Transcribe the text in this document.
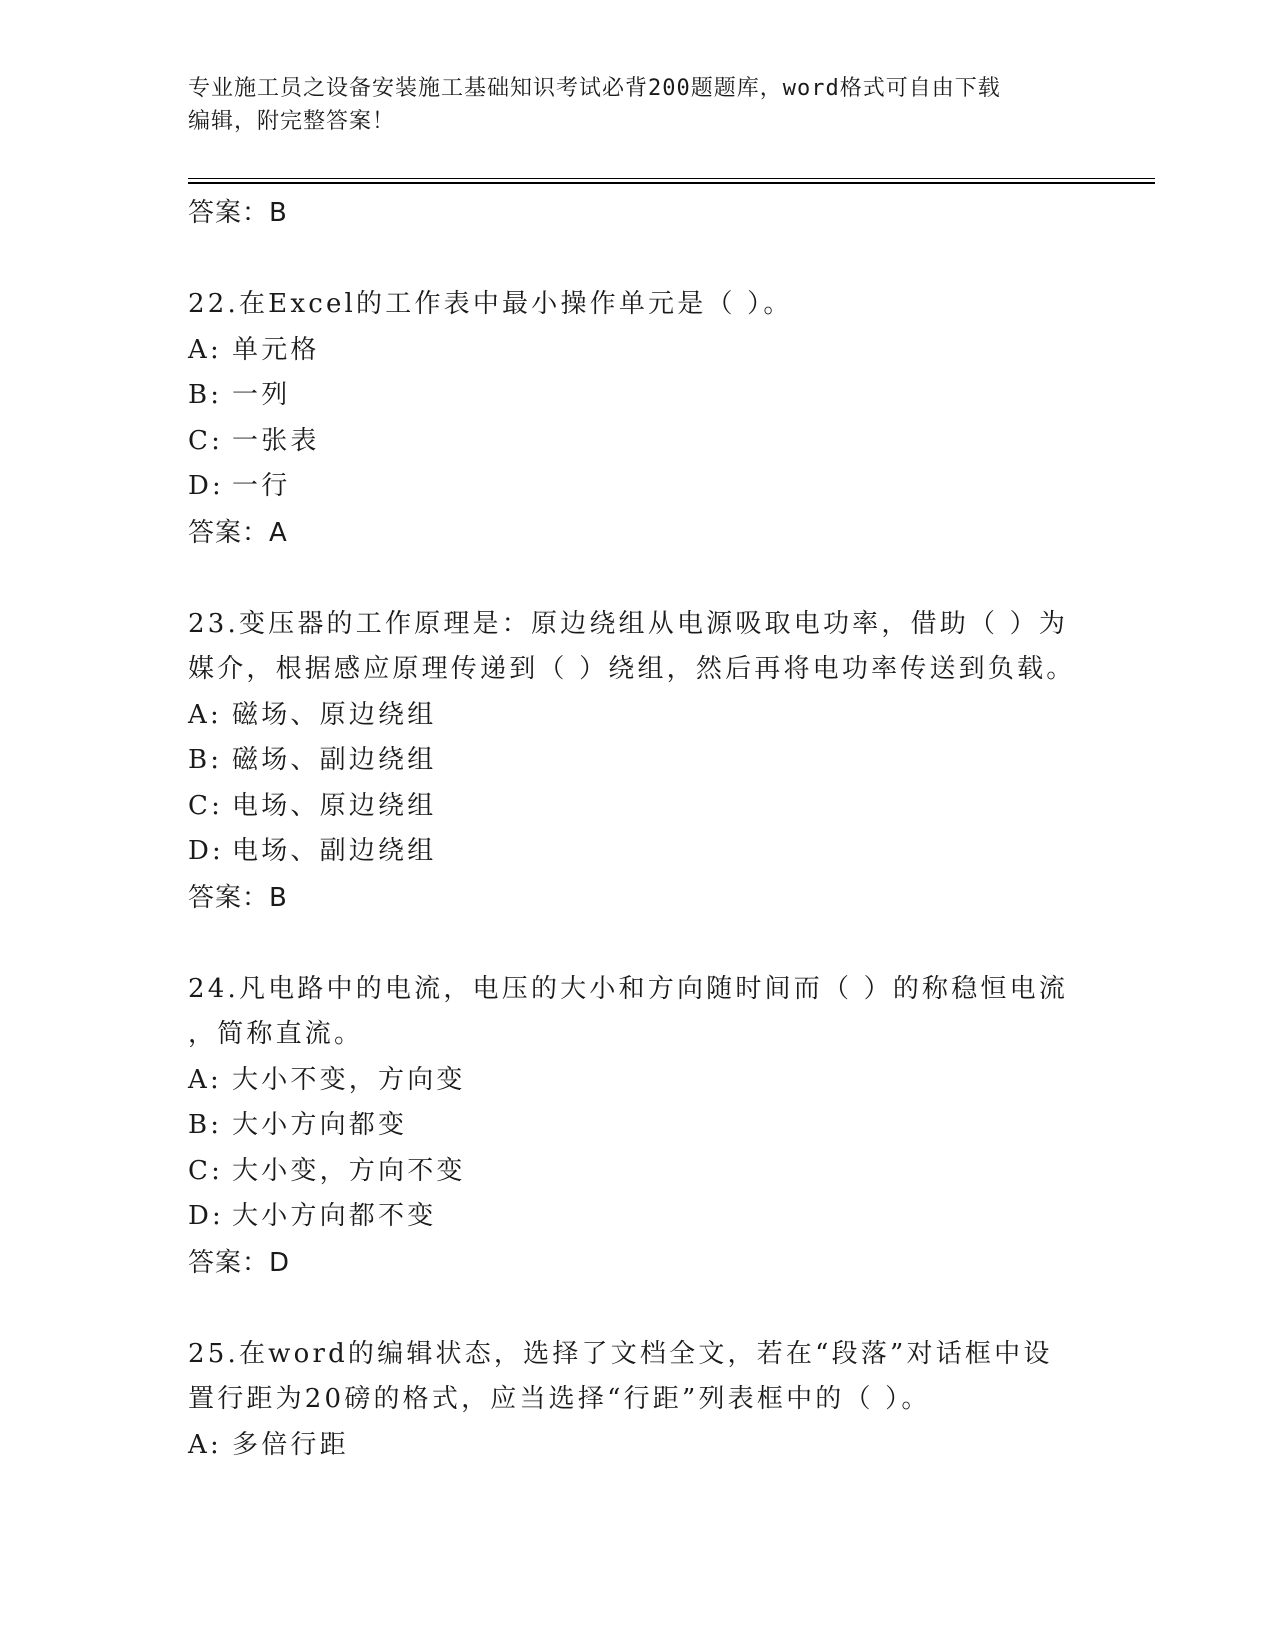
专业施工员之设备安装施工基础知识考试必背200题题库，word格式可自由下载
编辑，附完整答案！
答案：B
22.在Excel的工作表中最小操作单元是（ ）。
A: 单元格
B: 一列
C: 一张表
D: 一行
答案：A
23.变压器的工作原理是：原边绕组从电源吸取电功率，借助（ ）为
媒介，根据感应原理传递到（ ）绕组，然后再将电功率传送到负载。
A: 磁场、原边绕组
B: 磁场、副边绕组
C: 电场、原边绕组
D: 电场、副边绕组
答案：B
24.凡电路中的电流，电压的大小和方向随时间而（ ）的称稳恒电流
，简称直流。
A: 大小不变，方向变
B: 大小方向都变
C: 大小变，方向不变
D: 大小方向都不变
答案：D
25.在word的编辑状态，选择了文档全文，若在“段落”对话框中设
置行距为20磅的格式，应当选择“行距”列表框中的（ ）。
A: 多倍行距
